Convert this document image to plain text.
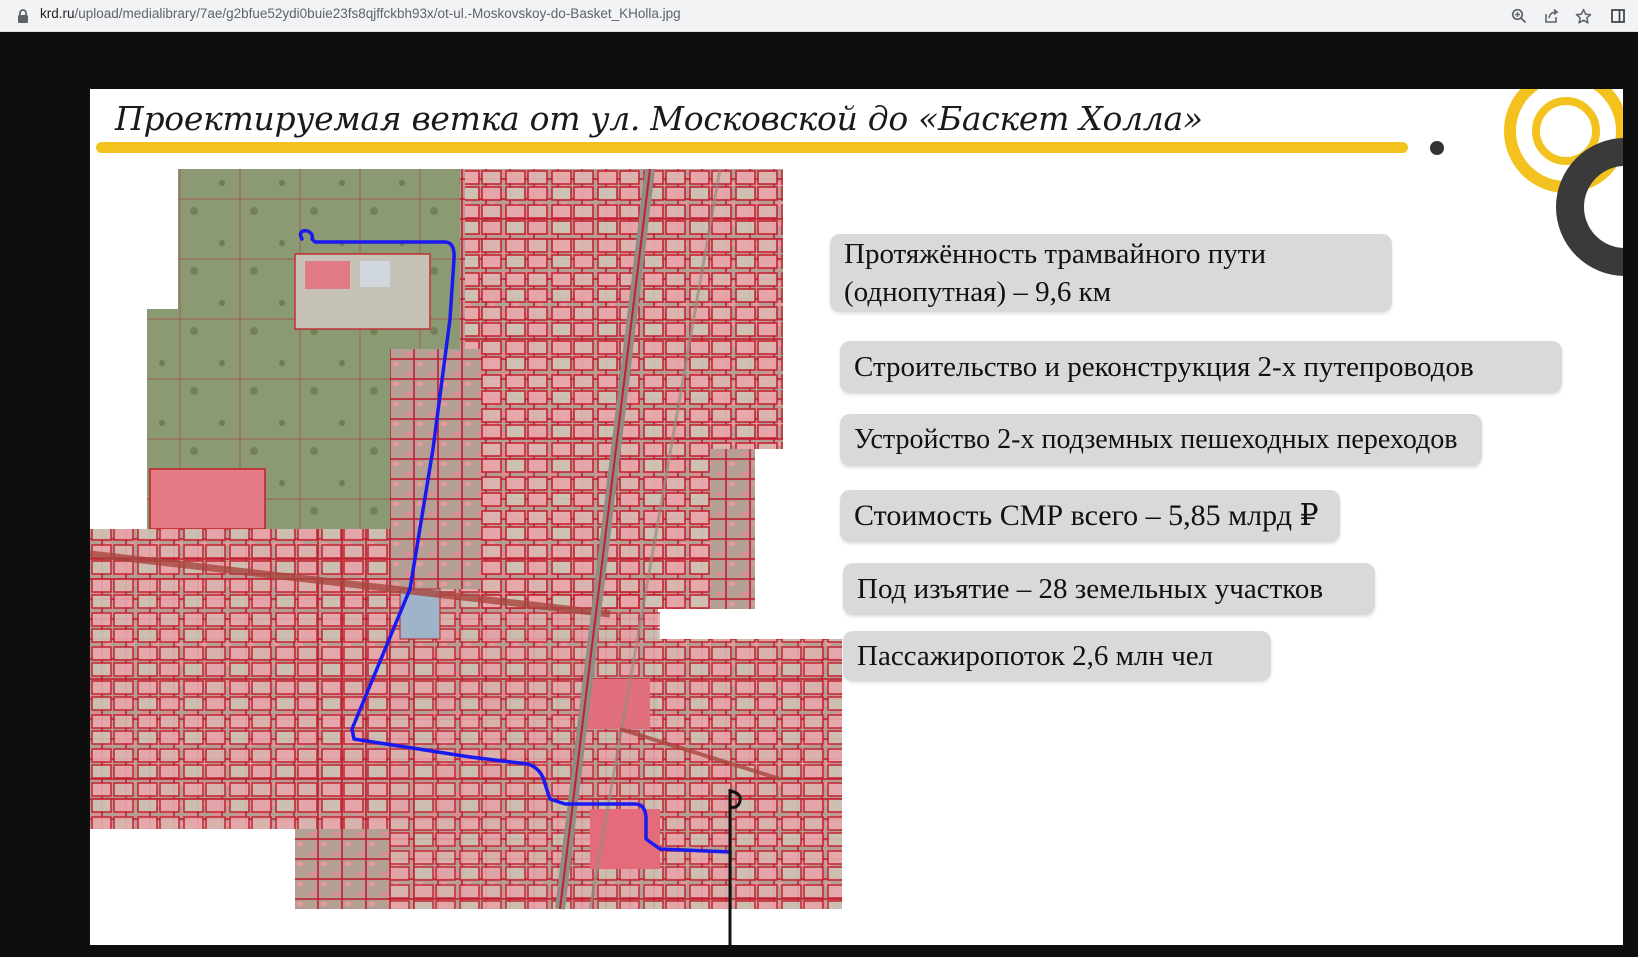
krd.ru/upload/medialibrary/7ae/g2bfue52ydi0buie23fs8qjffckbh93x/ot-ul.-Moskovskoy-do-Basket_KHolla.jpg
Проектируемая ветка от ул. Московской до «Баскет Холла»
Протяжённость трамвайного пути
(однопутная) – 9,6 км
Строительство и реконструкция 2-х путепроводов
Устройство 2-х подземных пешеходных переходов
Стоимость СМР всего – 5,85 млрд ₽
Под изъятие – 28 земельных участков
Пассажиропоток 2,6 млн чел
